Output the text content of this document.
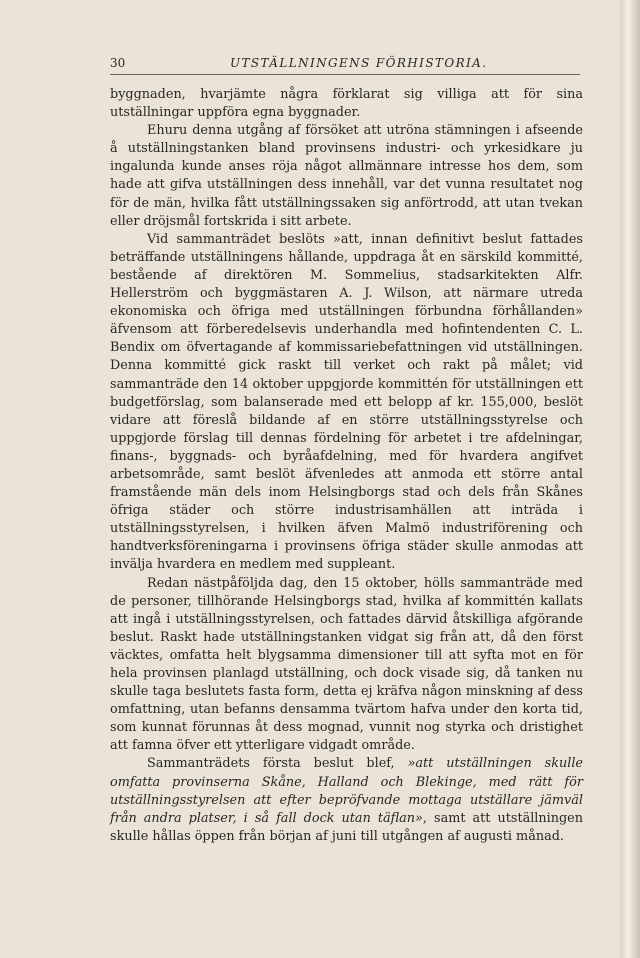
30	UTSTÄLLNINGENS FÖRHISTORIA.

byggnaden, hvarjämte några förklarat sig villiga att för sina utställningar uppföra egna byggnader.

Ehuru denna utgång af försöket att utröna stämningen i afseende å utställningstanken bland provinsens industri- och yrkesidkare ju ingalunda kunde anses röja något allmännare intresse hos dem, som hade att gifva utställningen dess innehåll, var det vunna resultatet nog för de män, hvilka fått utställningssaken sig anförtrodd, att utan tvekan eller dröjsmål fortskrida i sitt arbete.

Vid sammanträdet beslöts »att, innan definitivt beslut fattades beträffande utställningens hållande, uppdraga åt en särskild kommitté, bestående af direktören M. Sommelius, stadsarkitekten Alfr. Hellerström och byggmästaren A. J. Wilson, att närmare utreda ekonomiska och öfriga med utställningen förbundna förhållanden» äfvensom att förberedelsevis underhandla med hofintendenten C. L. Bendix om öfvertagande af kommissariebefattningen vid utställningen. Denna kommitté gick raskt till verket och rakt på målet; vid sammanträde den 14 oktober uppgjorde kommittén för utställningen ett budgetförslag, som balanserade med ett belopp af kr. 155,000, beslöt vidare att föreslå bildande af en större utställningsstyrelse och uppgjorde förslag till dennas fördelning för arbetet i tre afdelningar, finans-, byggnads- och byråafdelning, med för hvardera angifvet arbetsområde, samt beslöt äfvenledes att anmoda ett större antal framstående män dels inom Helsingborgs stad och dels från Skånes öfriga städer och större industrisamhällen att inträda i utställningsstyrelsen, i hvilken äfven Malmö industriförening och handtverksföreningarna i provinsens öfriga städer skulle anmodas att invälja hvardera en medlem med suppleant.

Redan nästpåföljda dag, den 15 oktober, hölls sammanträde med de personer, tillhörande Helsingborgs stad, hvilka af kommittén kallats att ingå i utställningsstyrelsen, och fattades därvid åtskilliga afgörande beslut. Raskt hade utställningstanken vidgat sig från att, då den först väcktes, omfatta helt blygsamma dimensioner till att syfta mot en för hela provinsen planlagd utställning, och dock visade sig, då tanken nu skulle taga beslutets fasta form, detta ej kräfva någon minskning af dess omfattning, utan befanns densamma tvärtom hafva under den korta tid, som kunnat förunnas åt dess mognad, vunnit nog styrka och dristighet att famna öfver ett ytterligare vidgadt område.

Sammanträdets första beslut blef, »att utställningen skulle omfatta provinserna Skåne, Halland och Blekinge, med rätt för utställningsstyrelsen att efter bepröfvande mottaga utställare jämväl från andra platser, i så fall dock utan täflan», samt att utställningen skulle hållas öppen från början af juni till utgången af augusti månad.
